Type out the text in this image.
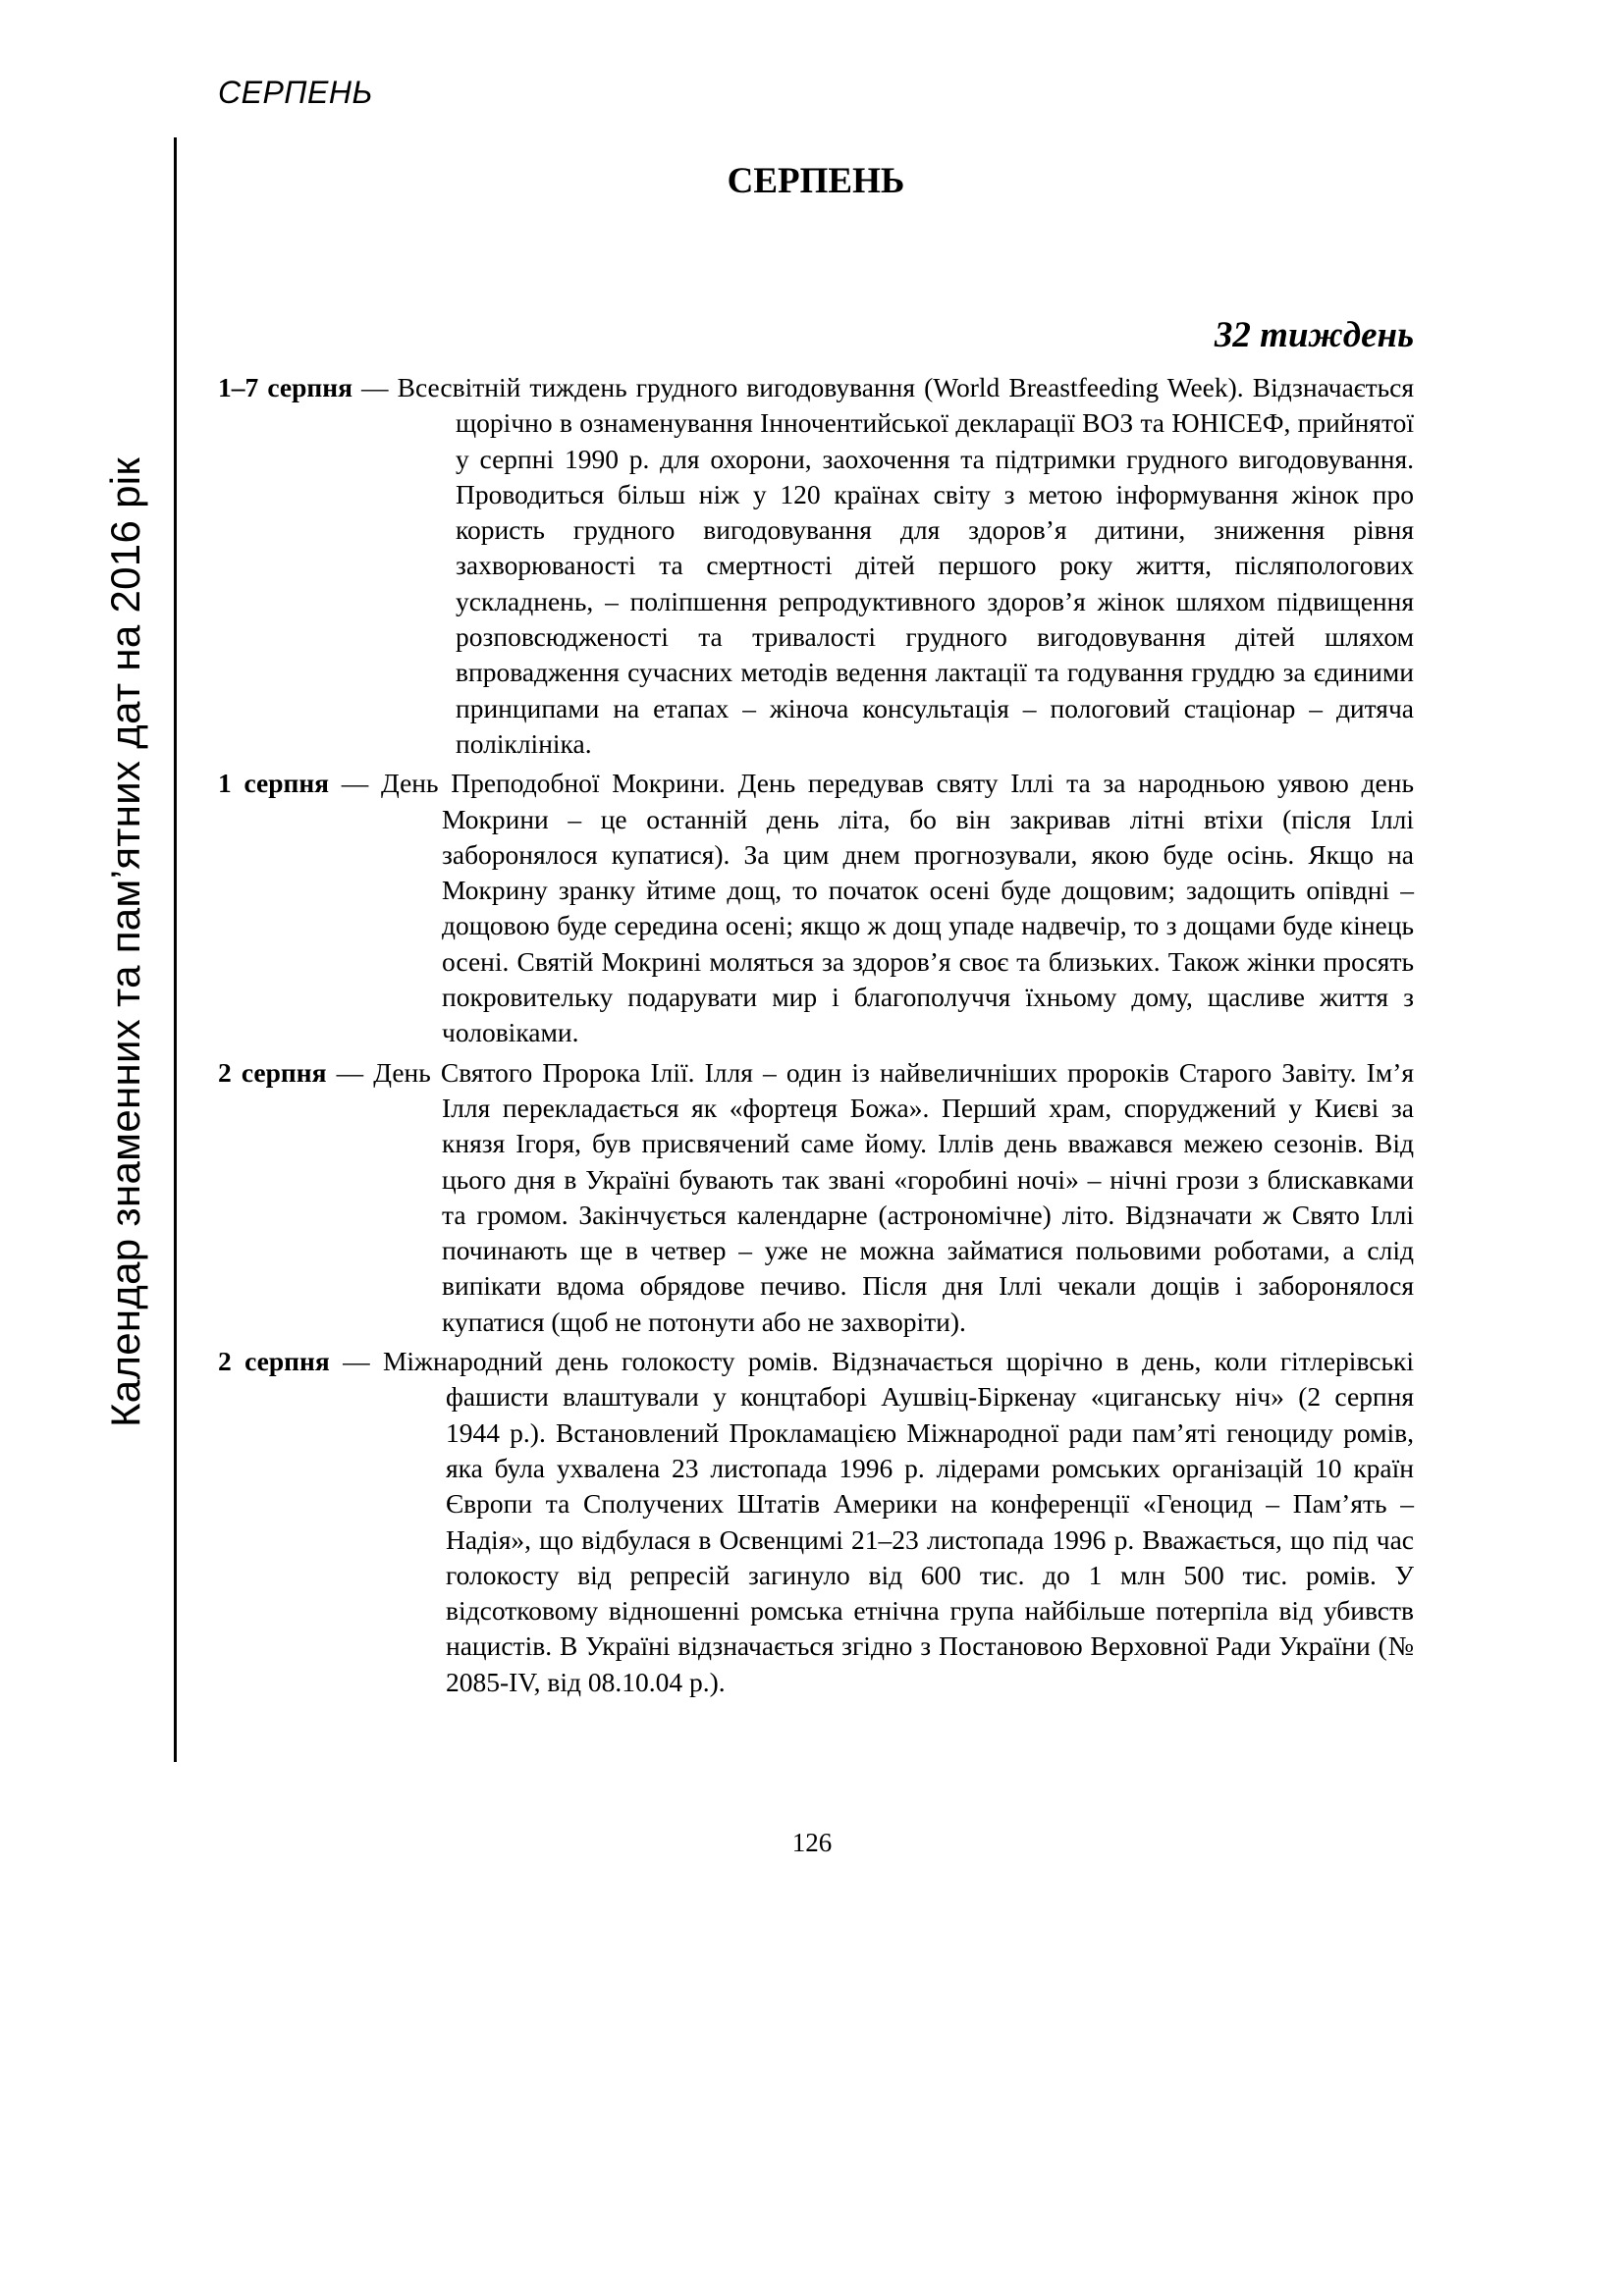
СЕРПЕНЬ
Календар знаменних та пам’ятних дат на 2016 рік
СЕРПЕНЬ
32 тиждень

1–7 серпня — Всесвітній тиждень грудного вигодовування (World Breastfeeding Week). Відзначається щорічно в ознаменування Інночентийської декларації ВОЗ та ЮНІСЕФ, прийнятої у серпні 1990 р. для охорони, заохочення та підтримки грудного вигодовування. Проводиться більш ніж у 120 країнах світу з метою інформування жінок про користь грудного вигодовування для здоров’я дитини, зниження рівня захворюваності та смертності дітей першого року життя, післяпологових ускладнень, – поліпшення репродуктивного здоров’я жінок шляхом підвищення розповсюдженості та тривалості грудного вигодовування дітей шляхом впровадження сучасних методів ведення лактації та годування груддю за єдиними принципами на етапах – жіноча консультація – пологовий стаціонар – дитяча поліклініка.

1 серпня — День Преподобної Мокрини. День передував святу Іллі та за народньою уявою день Мокрини – це останній день літа, бо він закривав літні втіхи (після Іллі заборонялося купатися). За цим днем прогнозували, якою буде осінь. Якщо на Мокрину зранку йтиме дощ, то початок осені буде дощовим; задощить опівдні – дощовою буде середина осені; якщо ж дощ упаде надвечір, то з дощами буде кінець осені. Святій Мокрині моляться за здоров’я своє та близьких. Також жінки просять покровительку подарувати мир і благополуччя їхньому дому, щасливе життя з чоловіками.

2 серпня — День Святого Пророка Ілії. Ілля – один із найвеличніших пророків Старого Завіту. Ім’я Ілля перекладається як «фортеця Божа». Перший храм, споруджений у Києві за князя Ігоря, був присвячений саме йому. Іллів день вважався межею сезонів. Від цього дня в Україні бувають так звані «горобині ночі» – нічні грози з блискавками та громом. Закінчується календарне (астрономічне) літо. Відзначати ж Свято Іллі починають ще в четвер – уже не можна займатися польовими роботами, а слід випікати вдома обрядове печиво. Після дня Іллі чекали дощів і заборонялося купатися (щоб не потонути або не захворіти).

2 серпня — Міжнародний день голокосту ромів. Відзначається щорічно в день, коли гітлерівські фашисти влаштували у концтаборі Аушвіц-Біркенау «циганську ніч» (2 серпня 1944 р.). Встановлений Прокламацією Міжнародної ради пам’яті геноциду ромів, яка була ухвалена 23 листопада 1996 р. лідерами ромських організацій 10 країн Європи та Сполучених Штатів Америки на конференції «Геноцид – Пам’ять – Надія», що відбулася в Освенцимі 21–23 листопада 1996 р. Вважається, що під час голокосту від репресій загинуло від 600 тис. до 1 млн 500 тис. ромів. У відсотковому відношенні ромська етнічна група найбільше потерпіла від убивств нацистів. В Україні відзначається згідно з Постановою Верховної Ради України (№ 2085-IV, від 08.10.04 р.).

126
